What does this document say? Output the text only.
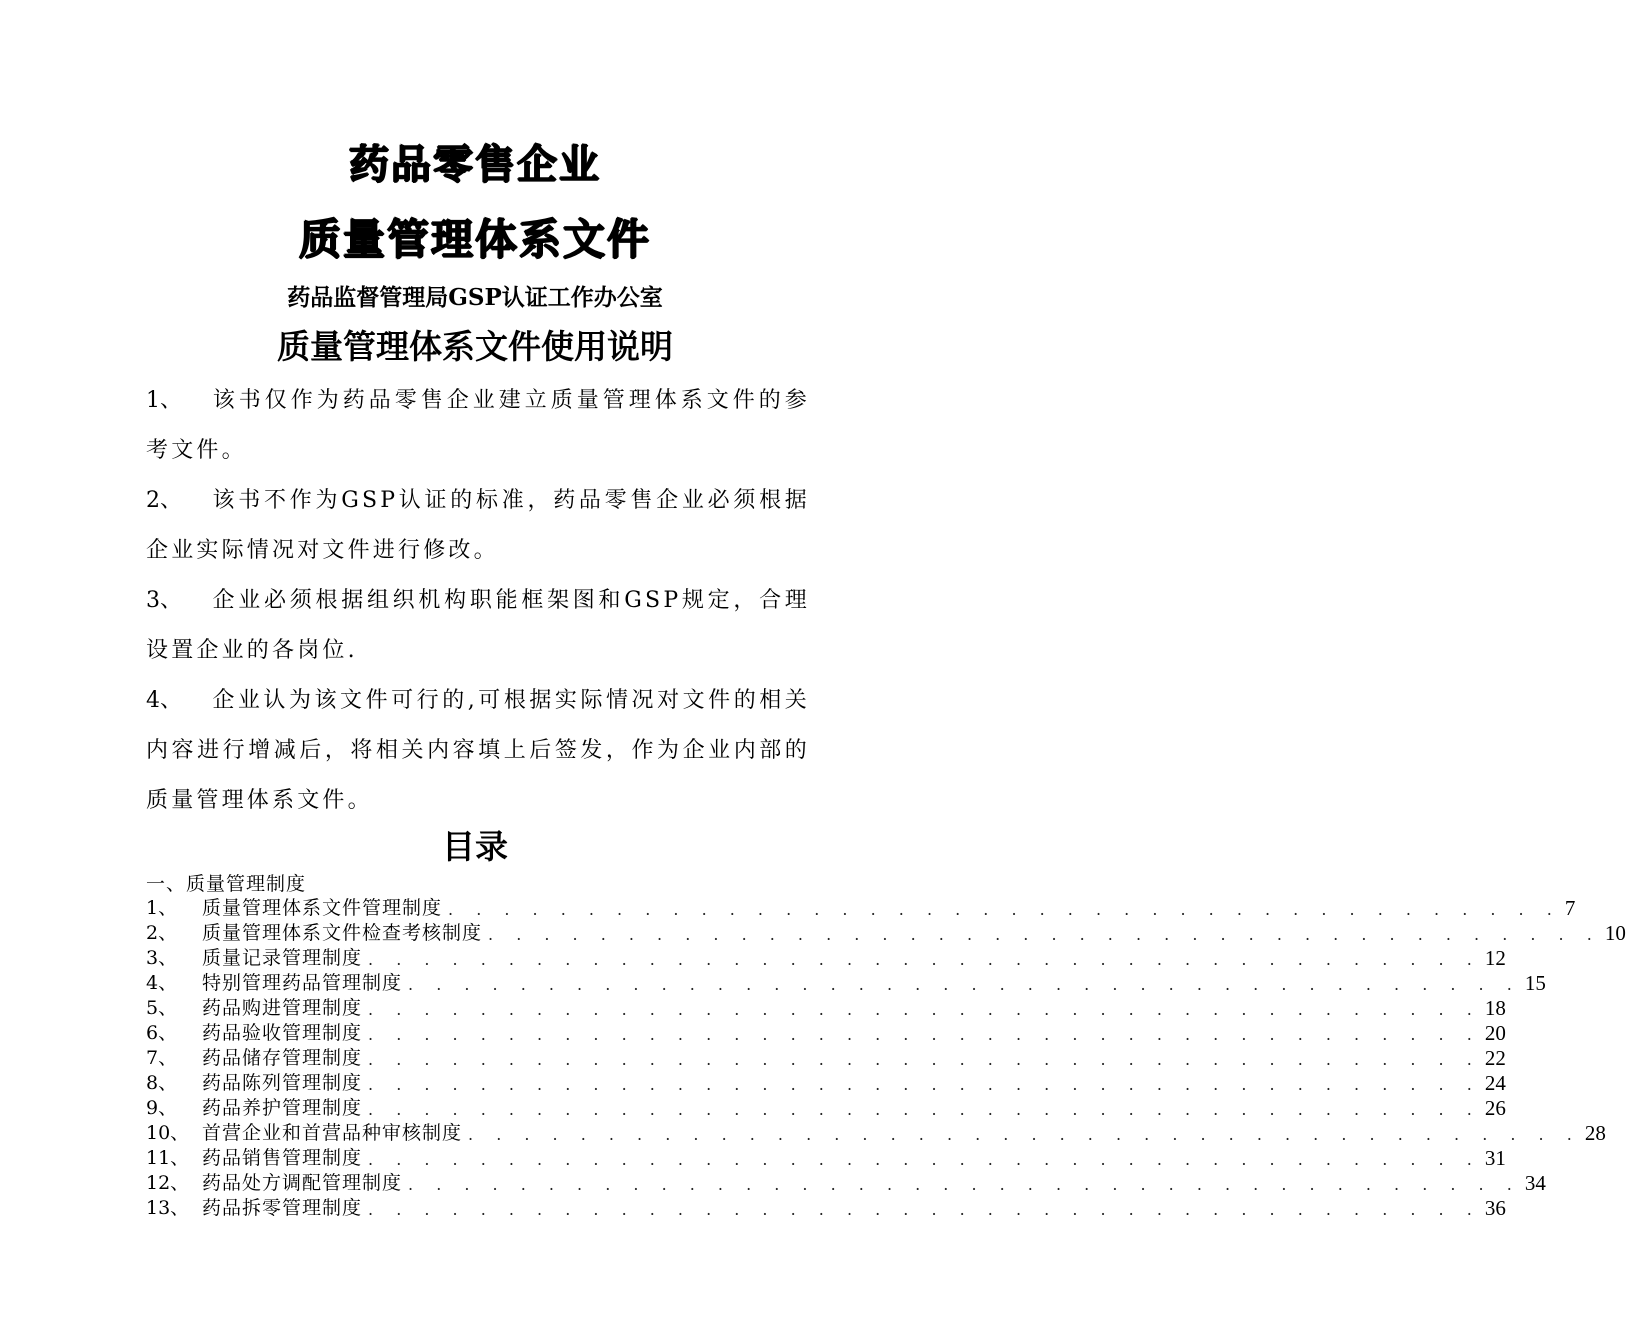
药品零售企业
质量管理体系文件
药品监督管理局GSP认证工作办公室
质量管理体系文件使用说明

1、 该书仅作为药品零售企业建立质量管理体系文件的参考文件。

2、 该书不作为GSP认证的标准，药品零售企业必须根据企业实际情况对文件进行修改。

3、 企业必须根据组织机构职能框架图和GSP规定，合理设置企业的各岗位.

4、 企业认为该文件可行的,可根据实际情况对文件的相关内容进行增减后，将相关内容填上后签发，作为企业内部的质量管理体系文件。

目录
一、质量管理制度
1、	质量管理体系文件管理制度 . . . . . . . . . . . . . . . . . . . . . . . . . . . . . . . . . . . . . . . . 7
2、	质量管理体系文件检查考核制度 . . . . . . . . . . . . . . . . . . . . . . . . . . . . . . . . . . . . . . . . 10
3、	质量记录管理制度 . . . . . . . . . . . . . . . . . . . . . . . . . . . . . . . . . . . . . . . . 12
4、	特别管理药品管理制度 . . . . . . . . . . . . . . . . . . . . . . . . . . . . . . . . . . . . . . . . 15
5、	药品购进管理制度 . . . . . . . . . . . . . . . . . . . . . . . . . . . . . . . . . . . . . . . . 18
6、	药品验收管理制度 . . . . . . . . . . . . . . . . . . . . . . . . . . . . . . . . . . . . . . . . 20
7、	药品储存管理制度 . . . . . . . . . . . . . . . . . . . . . . . . . . . . . . . . . . . . . . . . 22
8、	药品陈列管理制度 . . . . . . . . . . . . . . . . . . . . . . . . . . . . . . . . . . . . . . . . 24
9、	药品养护管理制度 . . . . . . . . . . . . . . . . . . . . . . . . . . . . . . . . . . . . . . . . 26
10、 首营企业和首营品种审核制度 . . . . . . . . . . . . . . . . . . . . . . . . . . . . . . . . . . . . . . . . 28
11、 药品销售管理制度 . . . . . . . . . . . . . . . . . . . . . . . . . . . . . . . . . . . . . . . . 31
12、 药品处方调配管理制度 . . . . . . . . . . . . . . . . . . . . . . . . . . . . . . . . . . . . . . . . 34
13、 药品拆零管理制度 . . . . . . . . . . . . . . . . . . . . . . . . . . . . . . . . . . . . . . . . 36
